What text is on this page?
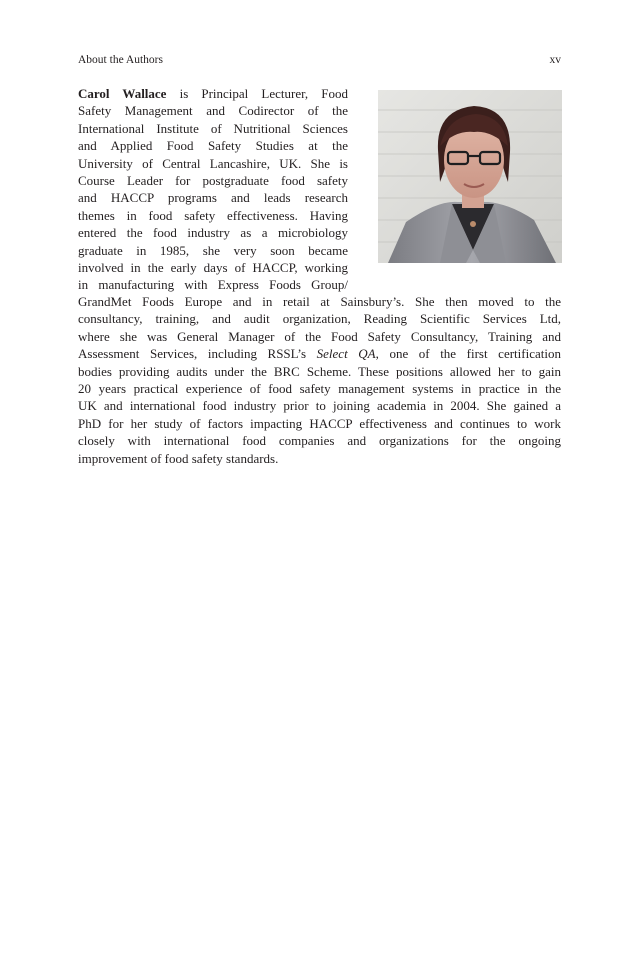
About the Authors	xv
Carol Wallace is Principal Lecturer, Food
Safety Management and Codirector of the
International Institute of Nutritional Sciences
and Applied Food Safety Studies at the
University of Central Lancashire, UK. She is
Course Leader for postgraduate food safety
and HACCP programs and leads research
themes in food safety effectiveness. Having
entered the food industry as a microbiology
graduate in 1985, she very soon became
involved in the early days of HACCP, working
in manufacturing with Express Foods Group/
GrandMet Foods Europe and in retail at Sainsbury’s. She then moved to the
consultancy, training, and audit organization, Reading Scientific Services Ltd,
where she was General Manager of the Food Safety Consultancy, Training and
Assessment Services, including RSSL’s Select QA, one of the first certification
bodies providing audits under the BRC Scheme. These positions allowed her to gain
20 years practical experience of food safety management systems in practice in the
UK and international food industry prior to joining academia in 2004. She gained a
PhD for her study of factors impacting HACCP effectiveness and continues to work
closely with international food companies and organizations for the ongoing
improvement of food safety standards.
